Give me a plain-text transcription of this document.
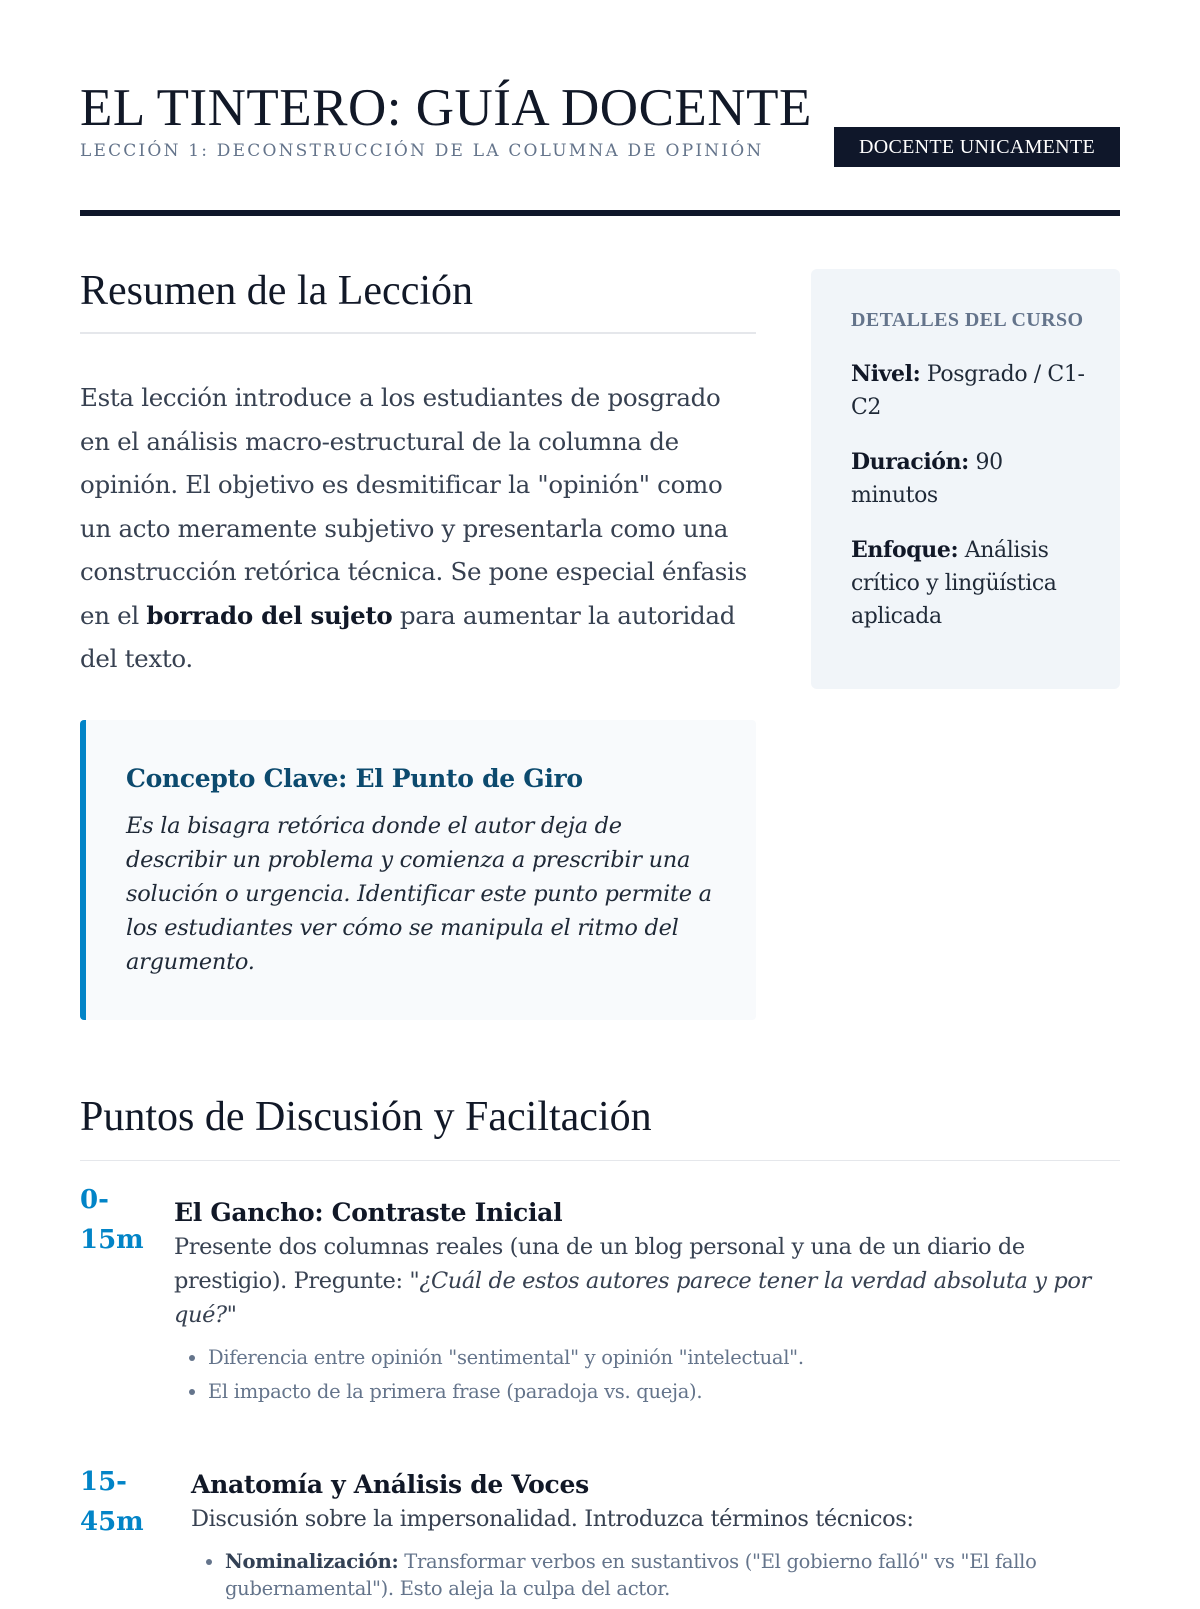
EL TINTERO: GUÍA DOCENTE
LECCIÓN 1: DECONSTRUCCIÓN DE LA COLUMNA DE OPINIÓN	DOCENTE UNICAMENTE
Resumen de la Lección

Esta lección introduce a los estudiantes de posgrado en el análisis macro-estructural de la columna de opinión. El objetivo es desmitificar la "opinión" como un acto meramente subjetivo y presentarla como una construcción retórica técnica. Se pone especial énfasis en el borrado del sujeto para aumentar la autoridad del texto.

Concepto Clave: El Punto de Giro

Es la bisagra retórica donde el autor deja de describir un problema y comienza a prescribir una solución o urgencia. Identificar este punto permite a los estudiantes ver cómo se manipula el ritmo del argumento.

DETALLES DEL CURSO
Nivel: Posgrado / C1-C2
Duración: 90 minutos
Enfoque: Análisis crítico y lingüística aplicada
Puntos de Discusión y Faciltación
0-
15m
El Gancho: Contraste Inicial

Presente dos columnas reales (una de un blog personal y una de un diario de prestigio). Pregunte: "¿Cuál de estos autores parece tener la verdad absoluta y por qué?"

• Diferencia entre opinión "sentimental" y opinión "intelectual".
• El impacto de la primera frase (paradoja vs. queja).
15-
45m
Anatomía y Análisis de Voces

Discusión sobre la impersonalidad. Introduzca términos técnicos:

• Nominalización: Transformar verbos en sustantivos ("El gobierno falló" vs "El fallo gubernamental"). Esto aleja la culpa del actor.
